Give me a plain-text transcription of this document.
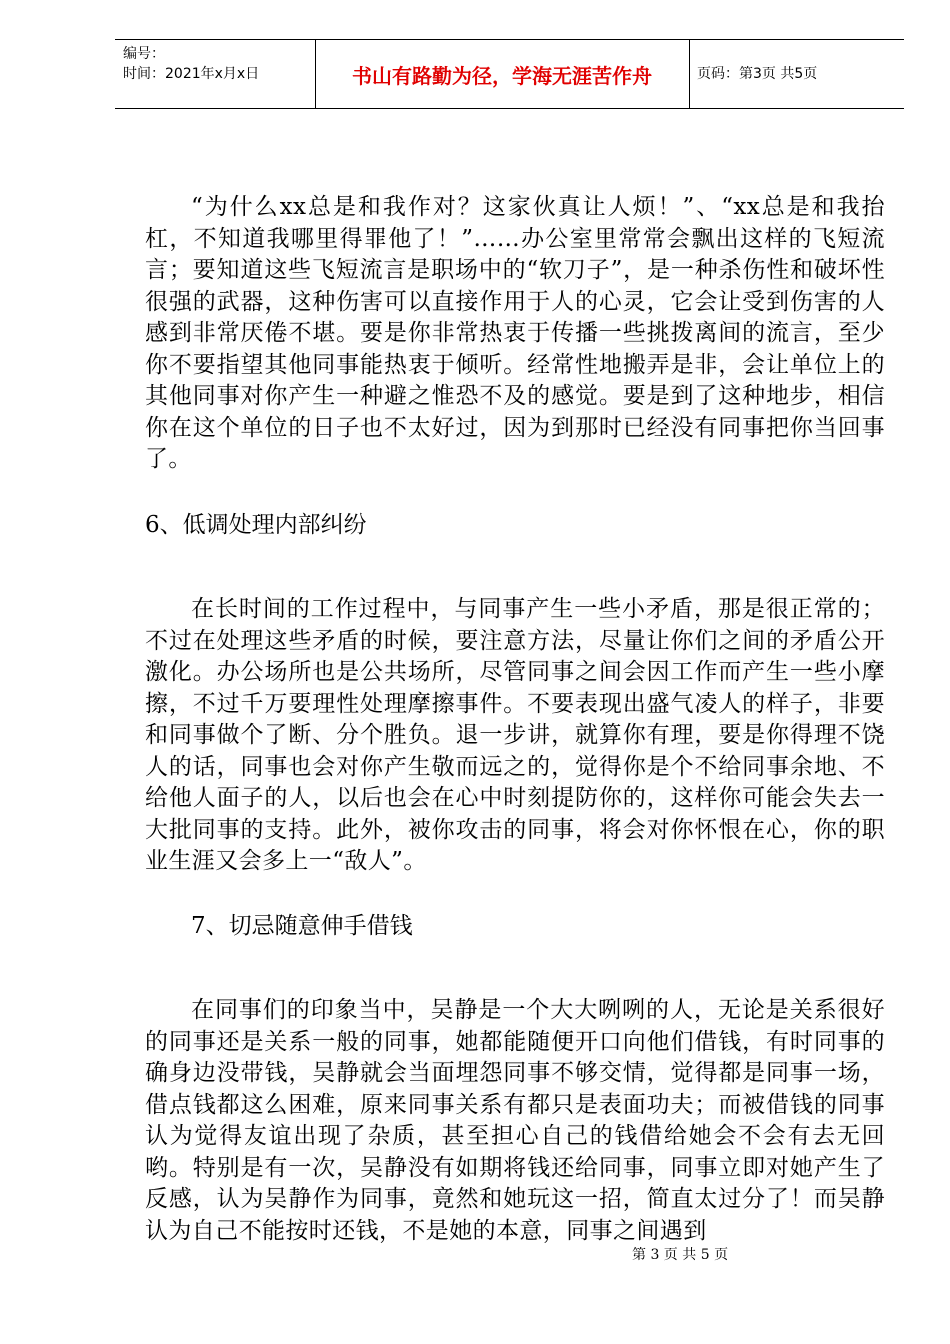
编号：
时间：2021年x月x日	书山有路勤为径，学海无涯苦作舟	页码：第3页 共5页
“为什么xx总是和我作对？这家伙真让人烦！”、“xx总是和我抬杠，不知道我哪里得罪他了！”……办公室里常常会飘出这样的飞短流言；要知道这些飞短流言是职场中的“软刀子”，是一种杀伤性和破坏性很强的武器，这种伤害可以直接作用于人的心灵，它会让受到伤害的人感到非常厌倦不堪。要是你非常热衷于传播一些挑拨离间的流言，至少你不要指望其他同事能热衷于倾听。经常性地搬弄是非，会让单位上的其他同事对你产生一种避之惟恐不及的感觉。要是到了这种地步，相信你在这个单位的日子也不太好过，因为到那时已经没有同事把你当回事了。
6、低调处理内部纠纷
在长时间的工作过程中，与同事产生一些小矛盾，那是很正常的；不过在处理这些矛盾的时候，要注意方法，尽量让你们之间的矛盾公开激化。办公场所也是公共场所，尽管同事之间会因工作而产生一些小摩擦，不过千万要理性处理摩擦事件。不要表现出盛气凌人的样子，非要和同事做个了断、分个胜负。退一步讲，就算你有理，要是你得理不饶人的话，同事也会对你产生敬而远之的，觉得你是个不给同事余地、不给他人面子的人，以后也会在心中时刻提防你的，这样你可能会失去一大批同事的支持。此外，被你攻击的同事，将会对你怀恨在心，你的职业生涯又会多上一“敌人”。
7、切忌随意伸手借钱
在同事们的印象当中，吴静是一个大大咧咧的人，无论是关系很好的同事还是关系一般的同事，她都能随便开口向他们借钱，有时同事的确身边没带钱，吴静就会当面埋怨同事不够交情，觉得都是同事一场，借点钱都这么困难，原来同事关系有都只是表面功夫；而被借钱的同事认为觉得友谊出现了杂质，甚至担心自己的钱借给她会不会有去无回哟。特别是有一次，吴静没有如期将钱还给同事，同事立即对她产生了反感，认为吴静作为同事，竟然和她玩这一招，简直太过分了！而吴静认为自己不能按时还钱，不是她的本意，同事之间遇到
第 3 页 共 5 页
